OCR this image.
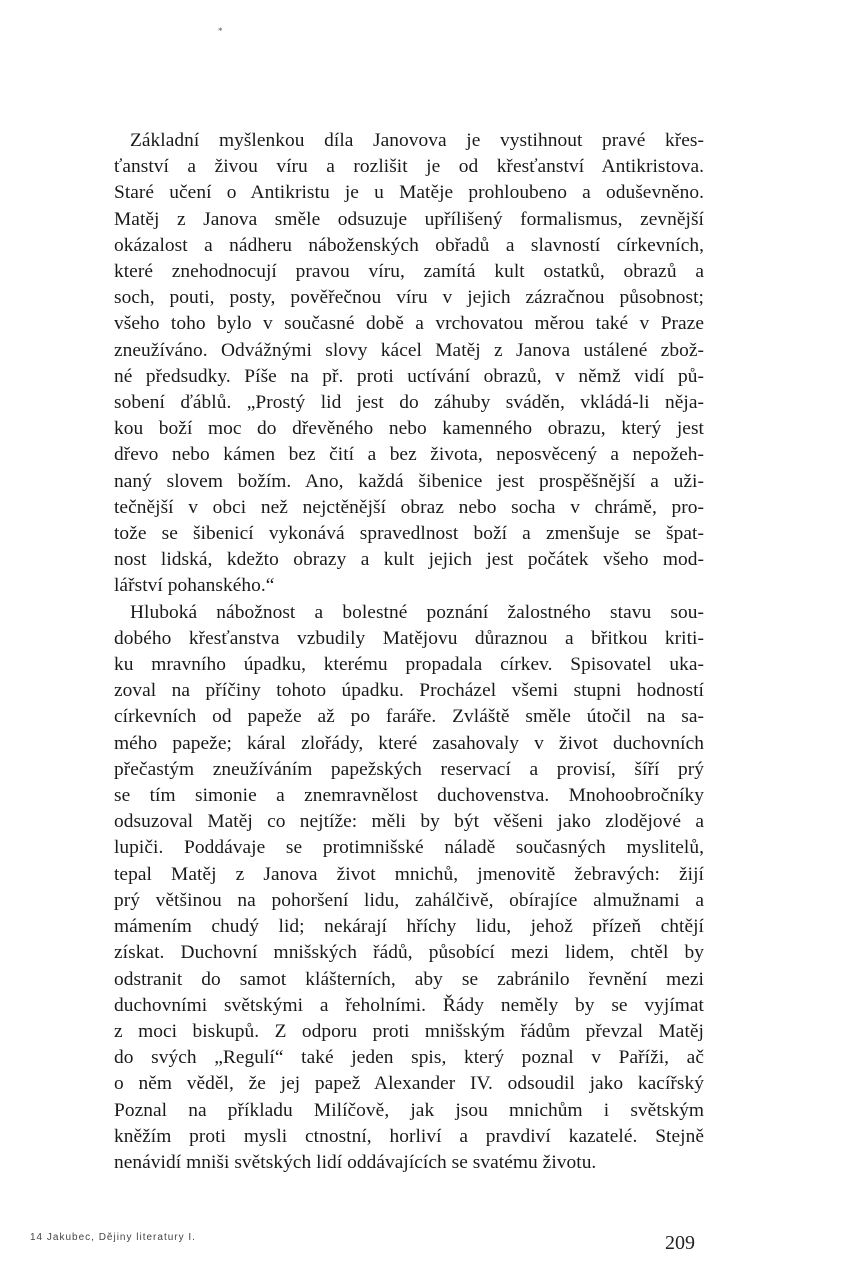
*

Základní myšlenkou díla Janovova je vystihnout pravé křes-
ťanství a živou víru a rozlišit je od křesťanství Antikristova.
Staré učení o Antikristu je u Matěje prohloubeno a oduševněno.
Matěj z Janova směle odsuzuje upřílišený formalismus, zevnější
okázalost a nádheru náboženských obřadů a slavností církevních,
které znehodnocují pravou víru, zamítá kult ostatků, obrazů a
soch, pouti, posty, pověřečnou víru v jejich zázračnou působnost;
všeho toho bylo v současné době a vrchovatou měrou také v Praze
zneužíváno. Odvážnými slovy kácel Matěj z Janova ustálené zbož-
né předsudky. Píše na př. proti uctívání obrazů, v němž vidí pů-
sobení ďáblů. „Prostý lid jest do záhuby sváděn, vkládá-li něja-
kou boží moc do dřevěného nebo kamenného obrazu, který jest
dřevo nebo kámen bez čití a bez života, neposvěcený a nepožeh-
naný slovem božím. Ano, každá šibenice jest prospěšnější a uži-
tečnější v obci než nejctěnější obraz nebo socha v chrámě, pro-
tože se šibenicí vykonává spravedlnost boží a zmenšuje se špat-
nost lidská, kdežto obrazy a kult jejich jest počátek všeho mod-
lářství pohanského.“

Hluboká nábožnost a bolestné poznání žalostného stavu sou-
dobého křesťanstva vzbudily Matějovu důraznou a břitkou kriti-
ku mravního úpadku, kterému propadala církev. Spisovatel uka-
zoval na příčiny tohoto úpadku. Procházel všemi stupni hodností
církevních od papeže až po faráře. Zvláště směle útočil na sa-
mého papeže; káral zlořády, které zasahovaly v život duchovních
přečastým zneužíváním papežských reservací a provisí, šíří prý
se tím simonie a znemravnělost duchovenstva. Mnohoobročníky
odsuzoval Matěj co nejtíže: měli by být věšeni jako zlodějové a
lupiči. Poddávaje se protimnišské náladě současných myslitelů,
tepal Matěj z Janova život mnichů, jmenovitě žebravých: žijí
prý většinou na pohoršení lidu, zahálčivě, obírajíce almužnami a
mámením chudý lid; nekárají hříchy lidu, jehož přízeň chtějí
získat. Duchovní mnišských řádů, působící mezi lidem, chtěl by
odstranit do samot klášterních, aby se zabránilo řevnění mezi
duchovními světskými a řeholními. Řády neměly by se vyjímat
z moci biskupů. Z odporu proti mnišským řádům převzal Matěj
do svých „Regulí“ také jeden spis, který poznal v Paříži, ač
o něm věděl, že jej papež Alexander IV. odsoudil jako kacířský
Poznal na příkladu Milíčově, jak jsou mnichům i světským
kněžím proti mysli ctnostní, horliví a pravdiví kazatelé. Stejně
nenávidí mniši světských lidí oddávajících se svatému životu.

14 Jakubec, Dějiny literatury I.	209
